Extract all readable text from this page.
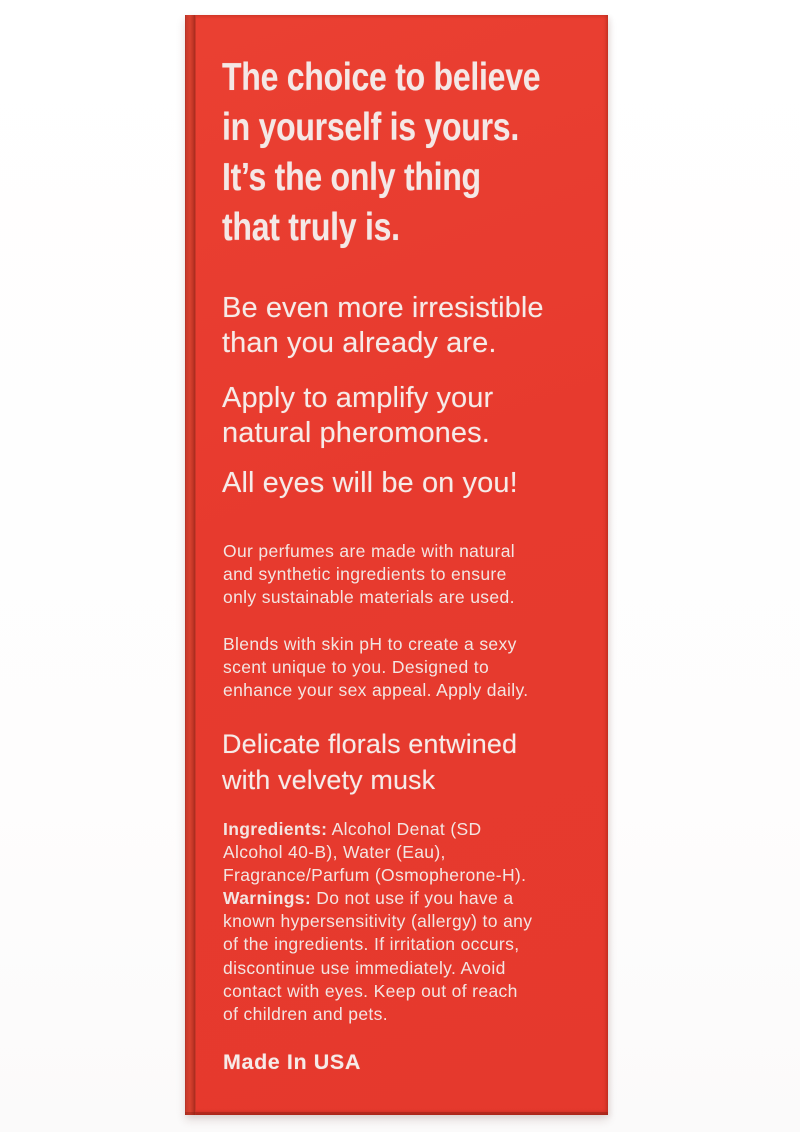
The choice to believe
in yourself is yours.
It’s the only thing
that truly is.
Be even more irresistible
than you already are.
Apply to amplify your
natural pheromones.
All eyes will be on you!
Our perfumes are made with natural
and synthetic ingredients to ensure
only sustainable materials are used.
Blends with skin pH to create a sexy
scent unique to you. Designed to
enhance your sex appeal. Apply daily.
Delicate florals entwined
with velvety musk
Ingredients: Alcohol Denat (SD
Alcohol 40-B), Water (Eau),
Fragrance/Parfum (Osmopherone-H).
Warnings: Do not use if you have a
known hypersensitivity (allergy) to any
of the ingredients. If irritation occurs,
discontinue use immediately. Avoid
contact with eyes. Keep out of reach
of children and pets.
Made In USA
